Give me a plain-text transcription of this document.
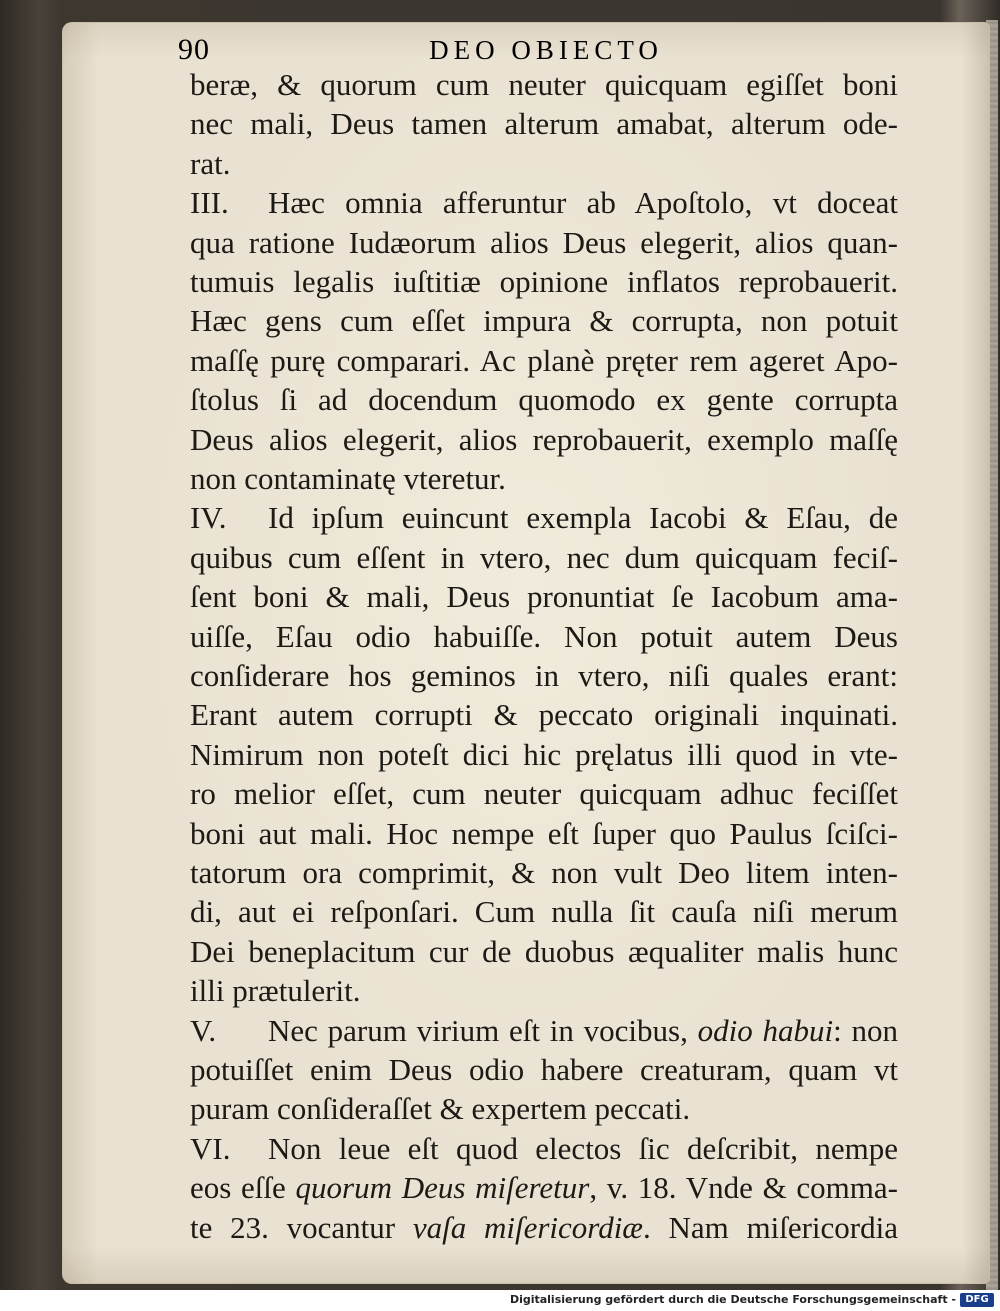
90	DEO OBIECTO
beræ, & quorum cum neuter quicquam egiſſet boni
nec mali, Deus tamen alterum amabat, alterum ode-
rat.
III. Hæc omnia afferuntur ab Apoſtolo, vt doceat
qua ratione Iudæorum alios Deus elegerit, alios quan-
tumuis legalis iuſtitiæ opinione inflatos reprobauerit.
Hæc gens cum eſſet impura & corrupta, non potuit
maſſę purę comparari. Ac planè pręter rem ageret Apo-
ſtolus ſi ad docendum quomodo ex gente corrupta
Deus alios elegerit, alios reprobauerit, exemplo maſſę
non contaminatę vteretur.
IV. Id ipſum euincunt exempla Iacobi & Eſau, de
quibus cum eſſent in vtero, nec dum quicquam feciſ-
ſent boni & mali, Deus pronuntiat ſe Iacobum ama-
uiſſe, Eſau odio habuiſſe. Non potuit autem Deus
conſiderare hos geminos in vtero, niſi quales erant:
Erant autem corrupti & peccato originali inquinati.
Nimirum non poteſt dici hic pręlatus illi quod in vte-
ro melior eſſet, cum neuter quicquam adhuc feciſſet
boni aut mali. Hoc nempe eſt ſuper quo Paulus ſciſci-
tatorum ora comprimit, & non vult Deo litem inten-
di, aut ei reſponſari. Cum nulla ſit cauſa niſi merum
Dei beneplacitum cur de duobus æqualiter malis hunc
illi prætulerit.
V. Nec parum virium eſt in vocibus, odio habui: non
potuiſſet enim Deus odio habere creaturam, quam vt
puram conſideraſſet & expertem peccati.
VI. Non leue eſt quod electos ſic deſcribit, nempe
eos eſſe quorum Deus miſeretur, v. 18. Vnde & comma-
te 23. vocantur vaſa miſericordiæ. Nam miſericordia
Digitalisierung gefördert durch die Deutsche Forschungsgemeinschaft - DFG
